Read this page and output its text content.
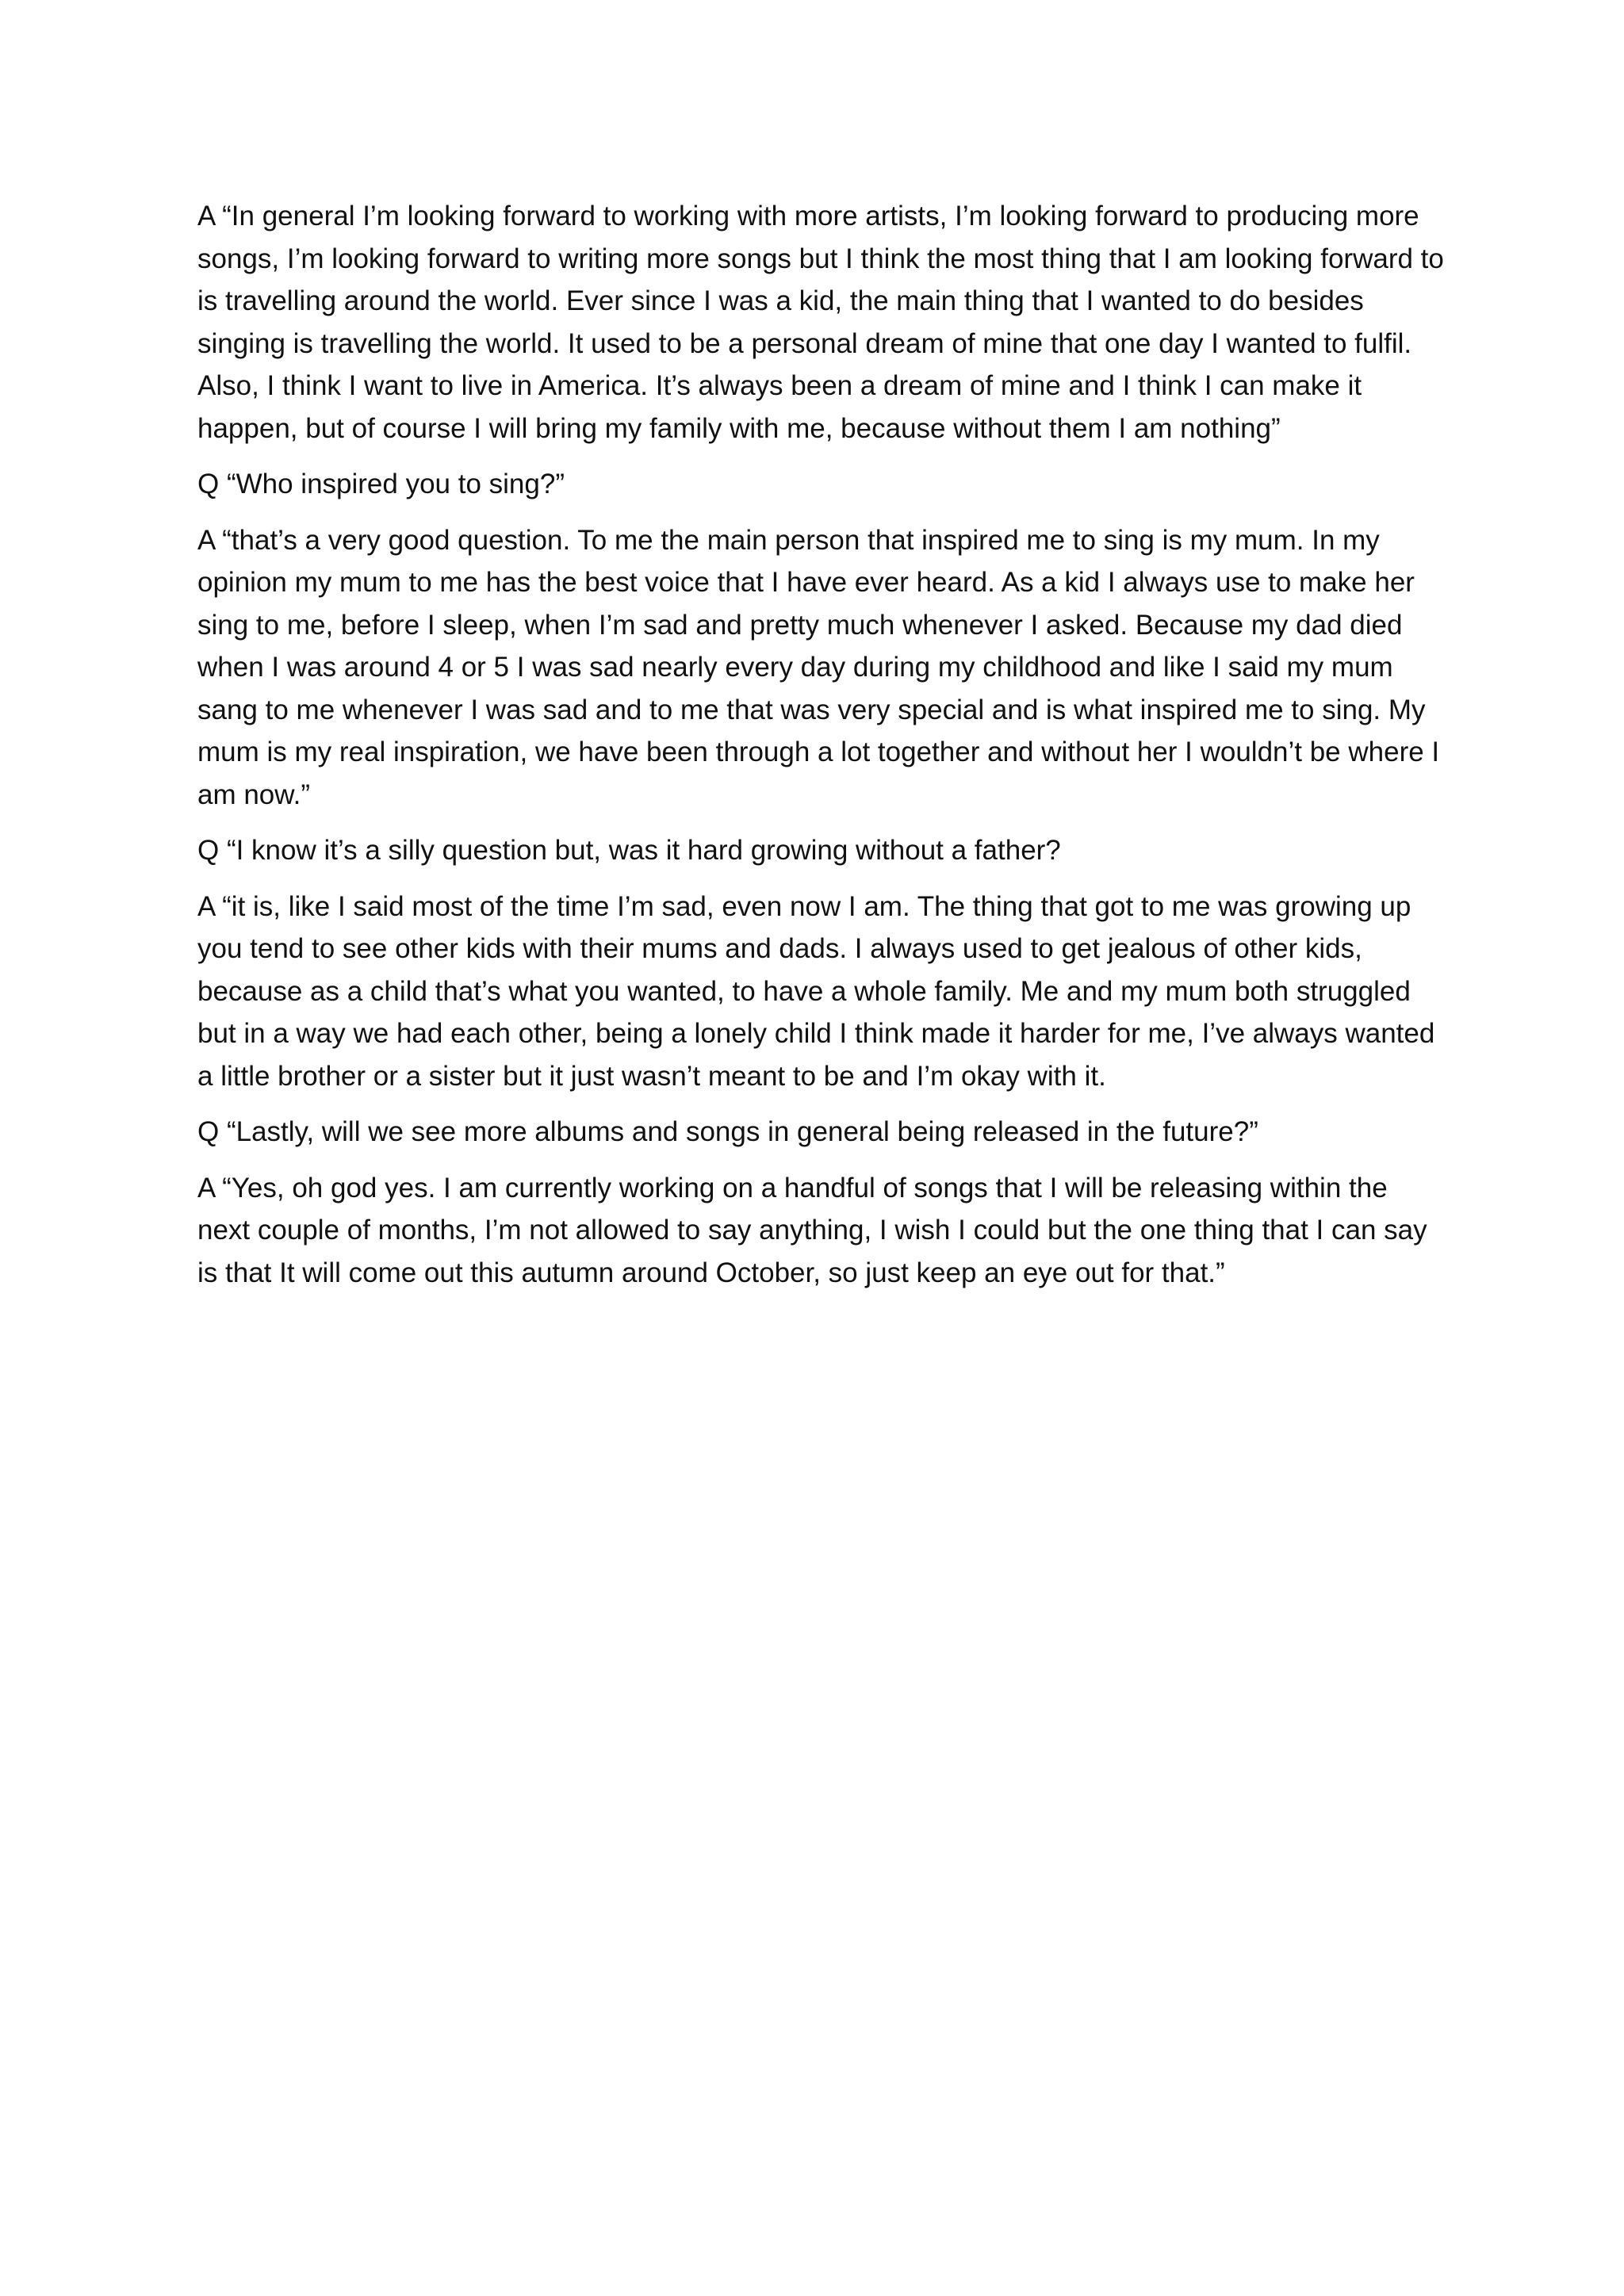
A “In general I’m looking forward to working with more artists, I’m looking forward to producing more songs, I’m looking forward to writing more songs but I think the most thing that I am looking forward to is travelling around the world. Ever since I was a kid, the main thing that I wanted to do besides singing is travelling the world. It used to be a personal dream of mine that one day I wanted to fulfil. Also, I think I want to live in America. It’s always been a dream of mine and I think I can make it happen, but of course I will bring my family with me, because without them I am nothing”

Q “Who inspired you to sing?”

A “that’s a very good question. To me the main person that inspired me to sing is my mum. In my opinion my mum to me has the best voice that I have ever heard. As a kid I always use to make her sing to me, before I sleep, when I’m sad and pretty much whenever I asked. Because my dad died when I was around 4 or 5 I was sad nearly every day during my childhood and like I said my mum sang to me whenever I was sad and to me that was very special and is what inspired me to sing. My mum is my real inspiration, we have been through a lot together and without her I wouldn’t be where I am now.”

Q “I know it’s a silly question but, was it hard growing without a father?

A “it is, like I said most of the time I’m sad, even now I am. The thing that got to me was growing up you tend to see other kids with their mums and dads. I always used to get jealous of other kids, because as a child that’s what you wanted, to have a whole family. Me and my mum both struggled but in a way we had each other, being a lonely child I think made it harder for me, I’ve always wanted a little brother or a sister but it just wasn’t meant to be and I’m okay with it.

Q “Lastly, will we see more albums and songs in general being released in the future?”

A “Yes, oh god yes. I am currently working on a handful of songs that I will be releasing within the next couple of months, I’m not allowed to say anything, I wish I could but the one thing that I can say is that It will come out this autumn around October, so just keep an eye out for that.”
